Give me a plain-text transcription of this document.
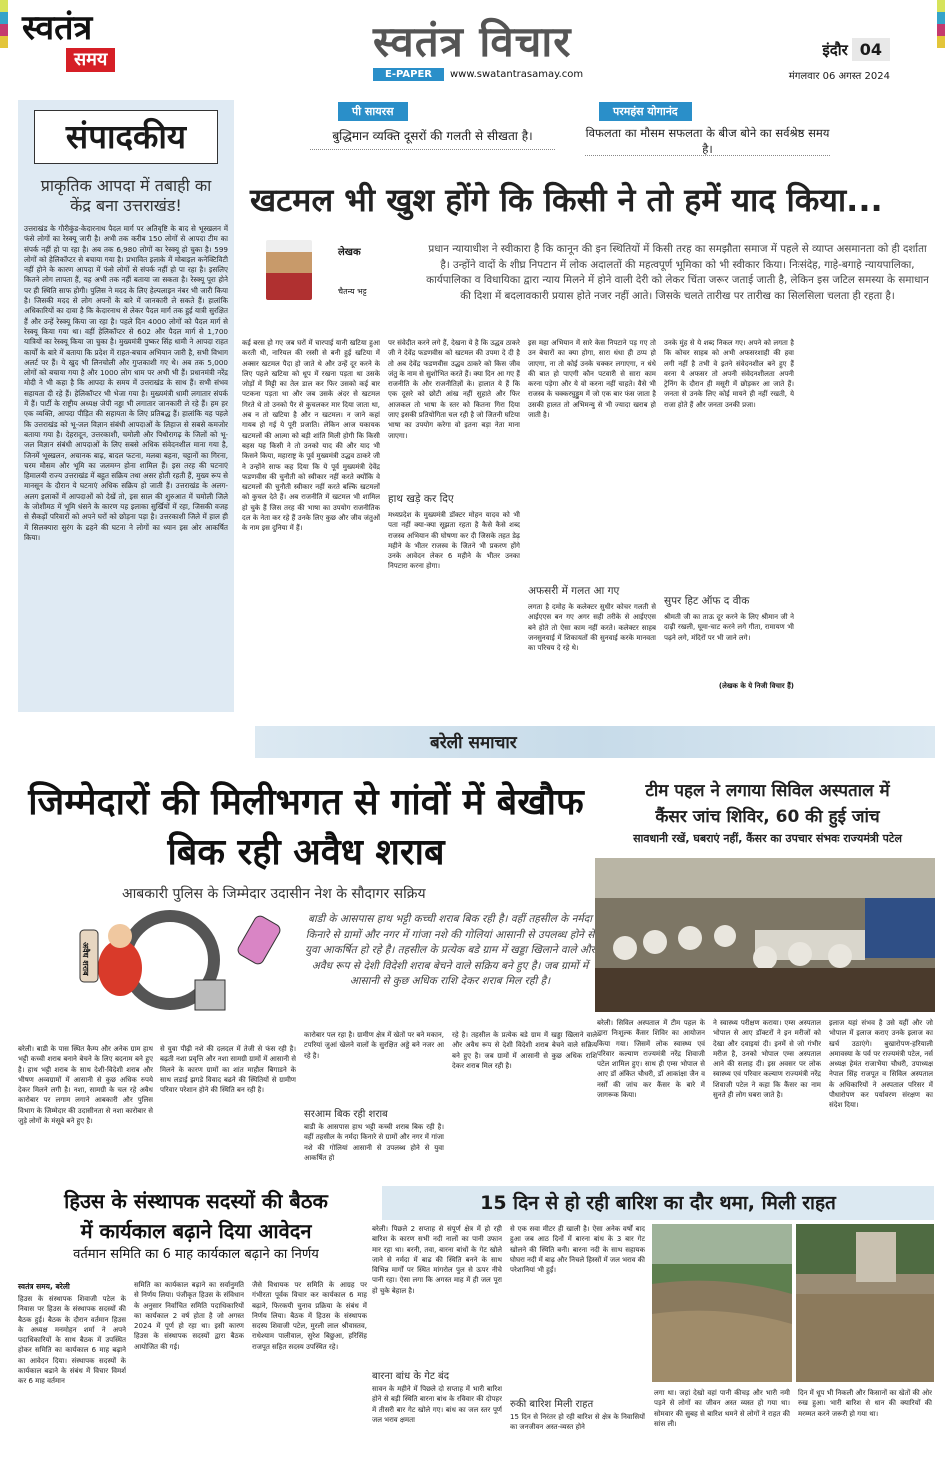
स्वतंत्र
समय	स्वतंत्र विचार
E-PAPER	www.swatantrasamay.com
इंदौर 04
मंगलवार 06 अगस्त 2024
संपादकीय
प्राकृतिक आपदा में तबाही का केंद्र बना उत्तराखंड!
उत्तराखंड के गौरीकुंड-केदारनाथ पैदल मार्ग पर अतिवृष्टि के बाद से भूस्खलन में फंसे लोगों का रेस्क्यू जारी है। अभी तक करीब 150 लोगों से आपदा टीम का संपर्क नहीं हो पा रहा है। अब तक 6,980 लोगों का रेस्क्यू हो चुका है। 599 लोगों को हेलिकॉप्टर से बचाया गया है। प्रभावित इलाके में मोबाइल कनेक्टिविटी नहीं होने के कारण आपदा में फंसे लोगों से संपर्क नहीं हो पा रहा है। इसलिए कितने लोग लापता हैं, यह अभी तक नहीं बताया जा सकता है। रेस्क्यू पूरा होने पर ही स्थिति साफ होगी। पुलिस ने मदद के लिए हेल्पलाइन नंबर भी जारी किया है। जिसकी मदद से लोग अपनों के बारे में जानकारी ले सकते हैं। हालांकि अधिकारियों का दावा है कि केदारनाथ से लेकर पैदल मार्ग तक हुई यात्री सुरक्षित हैं और उन्हें रेस्क्यू किया जा रहा है। पहले दिन 4000 लोगों को पैदल मार्ग से रेस्क्यू किया गया था। वहीं हेलिकॉप्टर से 602 और पैदल मार्ग से 1,700 यात्रियों का रेस्क्यू किया जा चुका है। मुख्यमंत्री पुष्कर सिंह धामी ने आपदा राहत कार्यों के बारे में बताया कि प्रदेश में राहत-बचाव अभियान जारी है, सभी विभाग अलर्ट पर हैं। ये खुद भी लिनचोली और गुप्तकाशी गए थे। अब तक 5,000 लोगों को बचाया गया है और 1000 लोग धाम पर अभी भी हैं। प्रधानमंत्री नरेंद्र मोदी ने भी कहा है कि आपदा के समय में उत्तराखंड के साथ हैं। सभी संभव सहायता दी रहे हैं। हेलिकॉप्टर भी भेजा गया है। मुख्यमंत्री धामी लगातार संपर्क में हैं। पार्टी के राष्ट्रीय अध्यक्ष जेपी नड्डा भी लगातार जानकारी ले रहे हैं। हम हर एक व्यक्ति, आपदा पीड़ित की सहायता के लिए प्रतिबद्ध हैं। हालांकि यह पहले कि उत्तराखंड को भू-जल विज्ञान संबंधी आपदाओं के लिहाज से सबसे कमजोर बताया गया है। देहरादून, उत्तरकाशी, चमोली और पिथौरागढ़ के जिलों को भू-जल विज्ञान संबंधी आपदाओं के लिए सबसे अधिक संवेदनशील माना गया है, जिनमें भूस्खलन, अचानक बाढ़, बादल फटना, मलबा बहना, चट्टानों का गिरना, चरम मौसम और भूमि का जलमग्न होना शामिल हैं। इस तरह की घटनाएं हिमालयी राज्य उत्तराखंड में बहुत सक्रिय तथा असर होती रहती हैं, मुख्य रूप से मानसून के दौरान ये घटनाएं अधिक सक्रिय हो जाती हैं। उत्तराखंड के अलग-अलग इलाकों में आपदाओं को देखें तो, इस साल की शुरुआत में चमोली जिले के जोशीमठ में भूमि धंसने के कारण यह इलाका सुर्खियों में रहा, जिसकी वजह से सैकड़ों परिवारों को अपने घरों को छोड़ना पड़ा है। उत्तरकाशी जिले में हाल ही में सिलक्यारा सुरंग के ढहने की घटना ने लोगों का ध्यान इस ओर आकर्षित किया।
पी सायरस
बुद्धिमान व्यक्ति दूसरों की गलती से सीखता है।
परमहंस योगानंद
विफलता का मौसम सफलता के बीज बोने का सर्वश्रेष्ठ समय है।
खटमल भी खुश होंगे कि किसी ने तो हमें याद किया...
लेखक
चैतन्य भट्ट
प्रधान न्यायाधीश ने स्वीकारा है कि कानून की इन स्थितियों में किसी तरह का समझौता समाज में पहले से व्याप्त असमानता को ही दर्शाता है। उन्होंने वादों के शीघ्र निपटान में लोक अदालतों की महत्वपूर्ण भूमिका को भी स्वीकार किया। निःसंदेह, गाहे-बगाहे न्यायपालिका, कार्यपालिका व विधायिका द्वारा न्याय मिलने में होने वाली देरी को लेकर चिंता जरूर जताई जाती है, लेकिन इस जटिल समस्या के समाधान की दिशा में बदलावकारी प्रयास होते नजर नहीं आते। जिसके चलते तारीख पर तारीख का सिलसिला चलता ही रहता है।
कई बरस हो गए जब घरों में चारपाई यानी खटिया हुआ करती थी, नारियल की रस्सी से बनी हुई खटिया में अक्सर खटमल पैदा हो जाते थे और उन्हें दूर करने के लिए पहले खटिया को धूप में रखना पड़ता था उसके जोड़ों में मिट्टी का तेल डाल कर फिर उसको कई बार पटकना पड़ता था और जब उसके अंदर से खटमल गिरते थे तो उनको पैर से कुचलकर मार दिया जाता था, अब न तो खटिया है और न खटमल। न जाने कहां गायब हो गई ये पूरी प्रजाति। लेकिन आज यकायक खटमलों की आत्मा को बड़ी शांति मिली होगी कि किसी बहस यह किसी ने तो उनको याद की और याद भी किसने किया, महाराष्ट्र के पूर्व मुख्यमंत्री उद्धव ठाकरे जी ने उन्होंने साफ कह दिया कि ये पूर्व मुख्यमंत्री देवेंद्र फडणवीस की चुनौती को स्वीकार नहीं करते क्योंकि वे खटमलों की चुनौती स्वीकार नहीं करते बल्कि खटमलों को कुचल देते हैं। अब राजनीति में खटमल भी शामिल हो चुके हैं जिस तरह की भाषा का उपयोग राजनीतिक दल के नेता कर रहे हैं उनके लिए कुछ और जीव जंतुओं के नाम इस दुनिया में हैं।
पर संवेदीत करने लगे हैं, देखना ये है कि उद्धव ठाकरे जी ने देवेंद्र फडणवीस को खटमल की उपमा दे दी है तो अब देवेंद्र फडणवीस उद्धव ठाकरे को किस जीव जंतु के नाम से सुशोभित करते हैं। क्या दिन आ गए हैं राजनीति के और राजनीतिज्ञों के। हालात ये हैं कि एक दूसरे को छोटी आंख नहीं सुहाते और फिर आजकल तो भाषा के स्तर को कितना गिरा दिया जाए इसकी प्रतियोगिता चल रही है जो जितनी घटिया भाषा का उपयोग करेगा वो इतना बड़ा नेता माना जाएगा।
हाथ खड़े कर दिए
मध्यप्रदेश के मुख्यमंत्री डॉक्टर मोहन यादव को भी पता नहीं क्या-क्या सूझता रहता है कैसे कैसे शब्द राजस्व अभियान की घोषणा कर दी जिसके तहत डेढ़ महीने के भीतर राजस्व के जितने भी प्रकरण होंगे उनके आवेदन लेकर 6 महीने के भीतर उनका निपटारा करना होगा।
इस महा अभियान में सारे केस निपटाने पड़ गए तो उन बेचारों का क्या होगा, सारा धंधा ही ठप्प हो जाएगा, ना तो कोई उनके चक्कर लगाएगा, न धंधे की बात हो पाएगी कौन पटवारी से सारा काम करना पड़ेगा और ये वो करना नहीं चाहते। वैसे भी राजस्व के चक्करघुड्डुम में जो एक बार फंस जाता है उसकी हालत तो अभिमन्यु से भी ज्यादा खराब हो जाती है।
अफसरी में गलत आ गए
लगता है दमोह के कलेक्टर सुधीर कोचर गलती से आईएएस बन गए अगर सही तरीके से आईएएस बने होते तो ऐसा काम नहीं करते। कलेक्टर साहब जनसुनवाई में शिकायतों की सुनवाई करके मानवता का परिचय दे रहे थे।
उनके मुंह से ये शब्द निकल गए। अपने को लगता है कि कोचर साहब को अभी अफसरशाही की हवा लगी नहीं है तभी वे इतने संवेदनशील बने हुए हैं वरना ये अफसर तो अपनी संवेदनशीलता अपनी ट्रेनिंग के दौरान ही मसूरी में छोड़कर आ जाते हैं। जनता से उनके लिए कोई मायने ही नहीं रखती, ये राजा होते हैं और जनता उनकी प्रजा।
सुपर हिट ऑफ द वीक
श्रीमती जी का ताऊ दूर करने के लिए श्रीमान जी ने दाढ़ी रखली, घूमा-चाट करने लगे गीता, रामायण भी पढ़ने लगे, मंदिरों पर भी जाने लगे।
(लेखक के ये निजी विचार हैं)
बरेली समाचार
जिम्मेदारों की मिलीभगत से गांवों में बेखौफ बिक रही अवैध शराब
आबकारी पुलिस के जिम्मेदार उदासीन नेश के सौदागर सक्रिय
अवैध शराब
बाडी के आसपास हाथ भट्टी कच्ची शराब बिक रही है। वहीं तहसील के नर्मदा किनारे से ग्रामों और नगर में गांजा नशे की गोलियां आसानी से उपलब्ध होने से युवा आकर्षित हो रहे है। तहसील के प्रत्येक बडे ग्राम में खड्डा खिलाने वाले और अवैध रूप से देशी विदेशी शराब बेचने वाले सक्रिय बने हुए है। जब ग्रामों में आसानी से कुछ अधिक राशि देकर शराब मिल रही है।
बरेली। बाडी के पास स्थित कैम्प और अनेक ग्राम हाथ भट्टी कच्ची शराब बनाने बेचने के लिए बदनाम बने हुए है। हाथ भट्टी शराब के साथ देशी-विदेशी शराब और भीषण अव्वग्रामों में आसानी से कुछ अधिक रुपये देकर मिलने लगी है। नशा, सामग्री के चल रहे अवैध कारोबार पर लगाम लगाने आबकारी और पुलिस विभाग के जिम्मेदार की उदासीनता से नशा कारोबार से जुड़े लोगों के मंसूबे बने हुए है।
से युवा पीढ़ी नशे की दलदल में तेजी से फंस रही है। बढ़ती नशा प्रवृत्ति और नशा सामग्री ग्रामों में आसानी से मिलने के कारण ग्रामों का शांत माहौल बिगाडने के साथ लडाई झगडे विवाद बढने की स्थितियों से ग्रामीण परिवार परेशान होने की स्थिति बन रही है।
कारोबार पल रहा है। ग्रामीण क्षेत्र में खेतों पर बने मकान, टपरियां जुआं खेलने वालों के सुरक्षित अड्डे बने नजर आ रहे है।
सरआम बिक रही शराब
बाडी के आसपास हाथ भट्टी कच्ची शराब बिक रही है। वहीं तहसील के नर्मदा किनारे से ग्रामों और नगर में गांजा नशे की गोलियां आसानी से उपलब्ध होने से युवा आकर्षित हो
रहे है। तहसील के प्रत्येक बडे ग्राम में खड्डा खिलाने वाले और अवैध रूप से देशी विदेशी शराब बेचने वाले सक्रिय बने हुए है। जब ग्रामों में आसानी से कुछ अधिक राशि देकर शराब मिल रही है।
टीम पहल ने लगाया सिविल अस्पताल में
कैंसर जांच शिविर, 60 की हुई जांच
सावधानी रखें, घबराएं नहीं, कैंसर का उपचार संभवः राज्यमंत्री पटेल
बरेली। सिविल अस्पताल में टीम पहल के द्वारा निःशुल्क कैंसर शिविर का आयोजन किया गया। जिसमें लोक स्वास्थ्य एवं परिवार कल्याण राज्यमंत्री नरेंद्र शिवाजी पटेल शामिल हुए। साथ ही एम्स भोपाल से आए डॉ अंकित चौधरी, डॉ आकांक्षा जैन व नर्सों की जांच कर कैंसर के बारे में जागरूक किया।
ने स्वास्थ्य परीक्षण कराया। एम्स अस्पताल भोपाल से आए डॉक्टरों ने इन मरीजों को देखा और दवाइयां दी। इनमें से जो गंभीर मरीज है, उनको भोपाल एम्स अस्पताल आने की सलाह दी। इस अवसर पर लोक स्वास्थ्य एवं परिवार कल्याण राज्यमंत्री नरेंद्र शिवाजी पटेल ने कहा कि कैंसर का नाम सुनते ही लोग घबरा जाते है।
इलाज यहां संभव है उसे यहीं और जो भोपाल में इलाज कराए उनके इलाज का खर्च उठाएंगे। बुखारोपण-हरियाली अमावस्या के पर्व पर राज्यमंत्री पटेल, नर्स अध्यक्ष हेमंत राजाभैया चौधरी, उपाध्यक्ष नेपाल सिंह राजपूत व सिविल अस्पताल के अधिकारियों ने अस्पताल परिसर में पौधारोपण कर पर्यावरण संरक्षण का संदेश दिया।
हिउस के संस्थापक सदस्यों की बैठक
में कार्यकाल बढ़ाने दिया आवेदन
वर्तमान समिति का 6 माह कार्यकाल बढ़ाने का निर्णय
स्वतंत्र समय, बरेली
हिउस के संस्थापक शिवाजी पटेल के निवास पर हिउस के संस्थापक सदस्यों की बैठक हुई। बैठक के दौरान वर्तमान हिउस के अध्यक्ष मनमोहन शर्मा ने अपने पदाधिकारियों के साथ बैठक में उपस्थित होकर समिति का कार्यकाल 6 माह बढ़ाने का आवेदन दिया। संस्थापक सदस्यों के कार्यकाल बढाने के संबंध में विचार विमर्श कर 6 माह वर्तमान
समिति का कार्यकाल बढ़ाने का सर्वानुमति से निर्णय लिया। पंजीकृत हिउस के संविधान के अनुसार निर्वाचित समिति पदाधिकारियों का कार्यकाल 2 वर्ष होता है जो अगस्त 2024 में पूर्ण हो रहा था। इसी कारण हिउस के संस्थापक सदस्यों द्वारा बैठक आयोजित की गई।
जैसे विधायक पर समिति के आग्रह पर गंभीरता पूर्वक विचार कर कार्यकाल 6 माह बढ़ाने, फिरकयी चुनाव प्रक्रिया के संबंध में निर्णय लिया। बैठक में हिउस के संस्थापक सदस्य शिवाजी पटेल, मुरली लाल श्रीवास्तव, राधेश्याम पालीवाल, सुरेश बिछुआ, हरिसिंह राजपूत सहित सदस्य उपस्थित रहे।
15 दिन से हो रही बारिश का दौर थमा, मिली राहत
बरेली। पिछले 2 सप्ताह से संपूर्ण क्षेत्र में हो रही बारिश के कारण सभी नदी नालों का पानी उफान मार रहा था। बरनी, तवा, बारना बांधों के गेट खोले जाने से नर्मदा में बाढ की स्थिति बनने के साथ विभिन्न मार्गों पर स्थित मांगरोल पुल से ऊपर नीचे पानी रहा। ऐसा लगा कि अगस्त माह में ही जल पूरा हो चुके बेहाल है।
बारना बांध के गेट बंद
सावन के महीने में पिछले दो सप्ताह में भारी बारिश होने से बड़ी स्थिति बारना बांध के रविवार की दोपहर में तीसरी बार गेट खोले गए। बांध का जल स्तर पूर्ण जल भराव क्षमता
से एक सवा मीटर ही खाली है। ऐसा अनेक वर्षों बाद हुआ जब आठ दिनों में बारना बांध के 3 बार गेट खोलने की स्थिति बनी। बारना नदी के साथ सहायक घोघरा नदी में बाढ़ और निचले हिस्सों में जल भराव की परेशानियां भी हुईं।
रुकी बारिश मिली राहत
15 दिन से निरंतर हो रही बारिश से क्षेत्र के निवासियों का जनजीवन अस्त-व्यस्त होने
लगा था। जहां देखो वहां पानी कीचड़ और भारी नमी पड़ने से लोगों का जीवन अस्त व्यस्त हो गया था। सोमवार की सुबह से बारिश थमने से लोगों ने राहत की सांस ली।
दिन में धूप भी निकली और किसानों का खेतों की ओर रुख हुआ। भारी बारिश से धान की क्यारियों की मरम्मत करने जरूरी हो गया था।
